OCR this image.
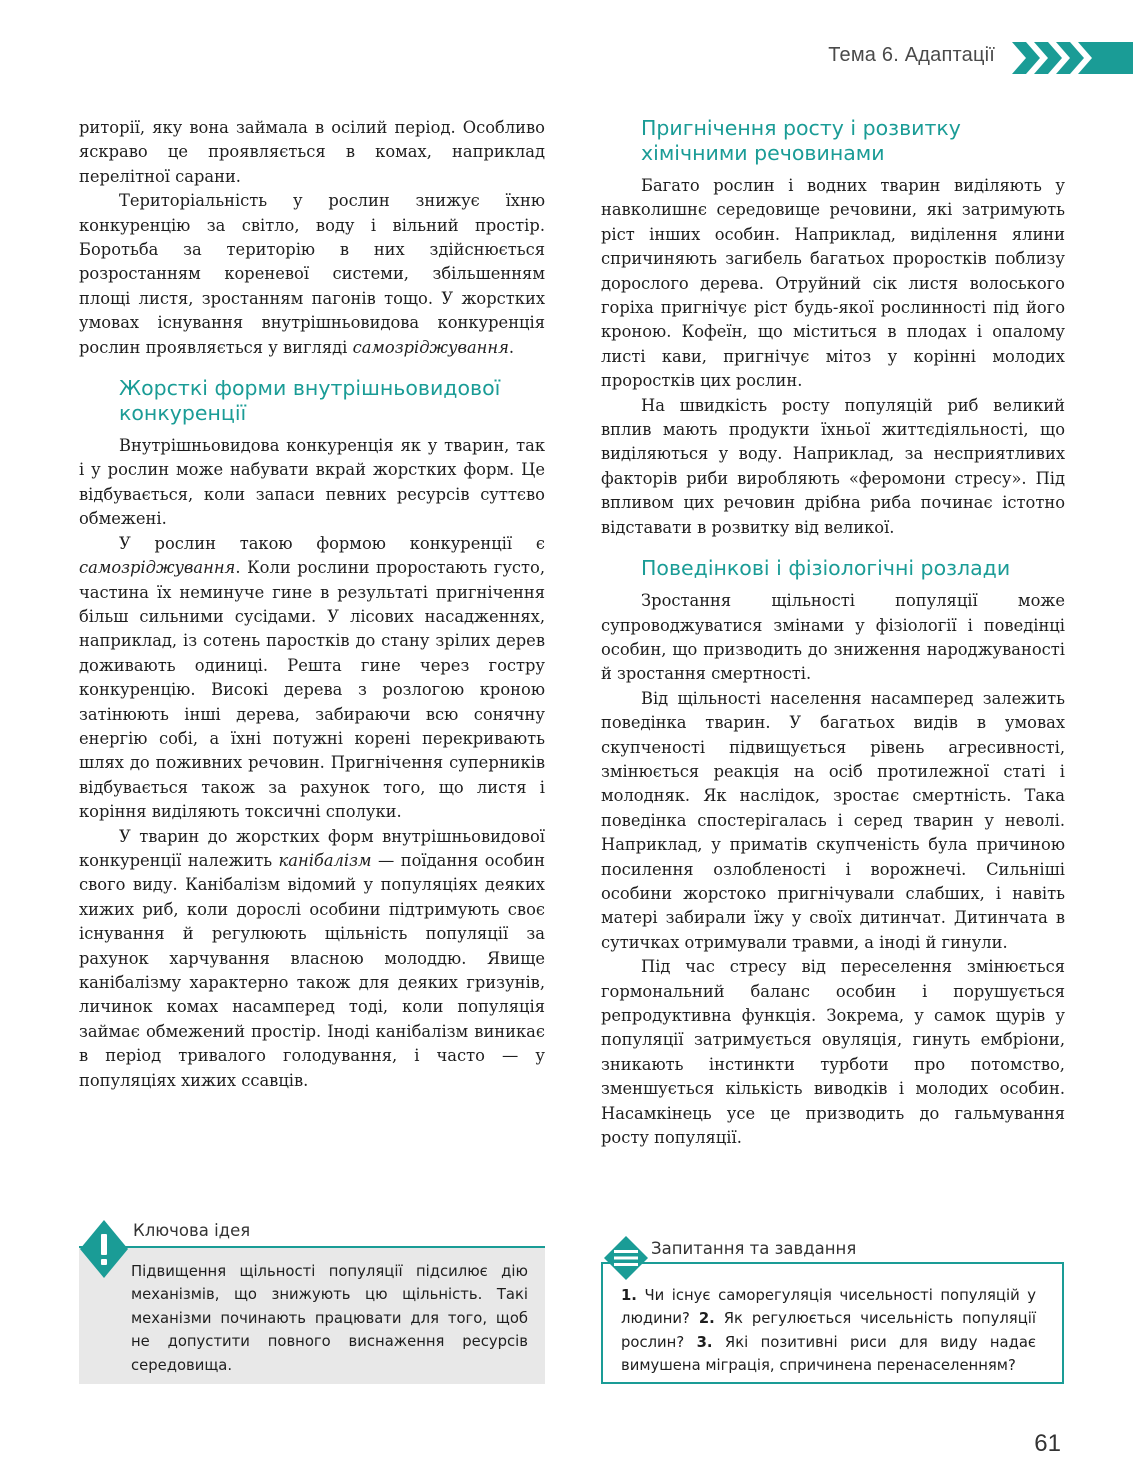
Тема 6. Адаптації

риторії, яку вона займала в осілий період. Особливо яскраво це проявляється в комах, наприклад перелітної сарани.

Територіальність у рослин знижує їхню конкуренцію за світло, воду і вільний простір. Боротьба за територію в них здійснюється розростанням кореневої системи, збільшенням площі листя, зростанням пагонів тощо. У жорстких умовах існування внутрішньовидова конкуренція рослин проявляється у вигляді самозріджування.

Жорсткі форми внутрішньовидової конкуренції

Внутрішньовидова конкуренція як у тварин, так і у рослин може набувати вкрай жорстких форм. Це відбувається, коли запаси певних ресурсів суттєво обмежені.

У рослин такою формою конкуренції є самозріджування. Коли рослини проростають густо, частина їх неминуче гине в результаті пригнічення більш сильними сусідами. У лісових насадженнях, наприклад, із сотень паростків до стану зрілих дерев доживають одиниці. Решта гине через гостру конкуренцію. Високі дерева з розлогою кроною затінюють інші дерева, забираючи всю сонячну енергію собі, а їхні потужні корені перекривають шлях до поживних речовин. Пригнічення суперників відбувається також за рахунок того, що листя і коріння виділяють токсичні сполуки.

У тварин до жорстких форм внутрішньовидової конкуренції належить канібалізм — поїдання особин свого виду. Канібалізм відомий у популяціях деяких хижих риб, коли дорослі особини підтримують своє існування й регулюють щільність популяції за рахунок харчування власною молоддю. Явище канібалізму характерно також для деяких гризунів, личинок комах насамперед тоді, коли популяція займає обмежений простір. Іноді канібалізм виникає в період тривалого голодування, і часто — у популяціях хижих ссавців.

Ключова ідея
Підвищення щільності популяції підсилює дію механізмів, що знижують цю щільність. Такі механізми починають працювати для того, щоб не допустити повного виснаження ресурсів середовища.
Пригнічення росту і розвитку хімічними речовинами

Багато рослин і водних тварин виділяють у навколишнє середовище речовини, які затримують ріст інших особин. Наприклад, виділення ялини спричиняють загибель багатьох проростків поблизу дорослого дерева. Отруйний сік листя волоського горіха пригнічує ріст будь-якої рослинності під його кроною. Кофеїн, що міститься в плодах і опалому листі кави, пригнічує мітоз у корінні молодих проростків цих рослин.

На швидкість росту популяцій риб великий вплив мають продукти їхньої життєдіяльності, що виділяються у воду. Наприклад, за несприятливих факторів риби виробляють «феромони стресу». Під впливом цих речовин дрібна риба починає істотно відставати в розвитку від великої.

Поведінкові і фізіологічні розлади

Зростання щільності популяції може супроводжуватися змінами у фізіології і поведінці особин, що призводить до зниження народжуваності й зростання смертності.

Від щільності населення насамперед залежить поведінка тварин. У багатьох видів в умовах скупченості підвищується рівень агресивності, змінюється реакція на осіб протилежної статі і молодняк. Як наслідок, зростає смертність. Така поведінка спостерігалась і серед тварин у неволі. Наприклад, у приматів скупченість була причиною посилення озлобленості і ворожнечі. Сильніші особини жорстоко пригнічували слабших, і навіть матері забирали їжу у своїх дитинчат. Дитинчата в сутичках отримували травми, а іноді й гинули.

Під час стресу від переселення змінюється гормональний баланс особин і порушується репродуктивна функція. Зокрема, у самок щурів у популяції затримується овуляція, гинуть ембріони, зникають інстинкти турботи про потомство, зменшується кількість виводків і молодих особин. Насамкінець усе це призводить до гальмування росту популяції.

Запитання та завдання
1. Чи існує саморегуляція чисельності популяцій у людини? 2. Як регулюється чисельність популяції рослин? 3. Які позитивні риси для виду надає вимушена міграція, спричинена перенаселенням?
61
